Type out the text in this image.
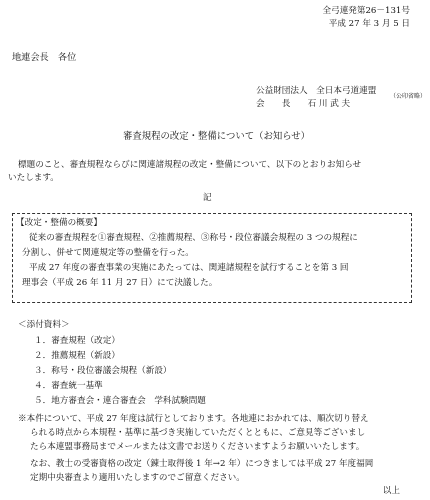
全弓連発第26－131号
平成 27 年 3 月 5 日
地連会長　各位
公益財団法人　全日本弓道連盟
（公印省略）
会　　長　　石 川 武 夫
審査規程の改定・整備について（お知らせ）
標題のこと、審査規程ならびに関連諸規程の改定・整備について、以下のとおりお知らせ
いたします。
記
【改定・整備の概要】
従来の審査規程を①審査規程、②推薦規程、③称号・段位審議会規程の 3 つの規程に
分割し、併せて関連規定等の整備を行った。
平成 27 年度の審査事業の実施にあたっては、関連諸規程を試行することを第 3 回
理事会（平成 26 年 11 月 27 日）にて決議した。
＜添付資料＞
１．審査規程（改定）
２．推薦規程（新設）
３．称号・段位審議会規程（新設）
４．審査統一基準
５．地方審査会・連合審査会　学科試験問題
※本件について、平成 27 年度は試行としております。各地連におかれては、順次切り替え
られる時点から本規程・基準に基づき実施していただくとともに、ご意見等ございまし
たら本連盟事務局までメールまたは文書でお送りくださいますようお願いいたします。
なお、教士の受審資格の改定（錬士取得後 1 年→2 年）につきましては平成 27 年度福岡
定期中央審査より適用いたしますのでご留意ください。
以上
